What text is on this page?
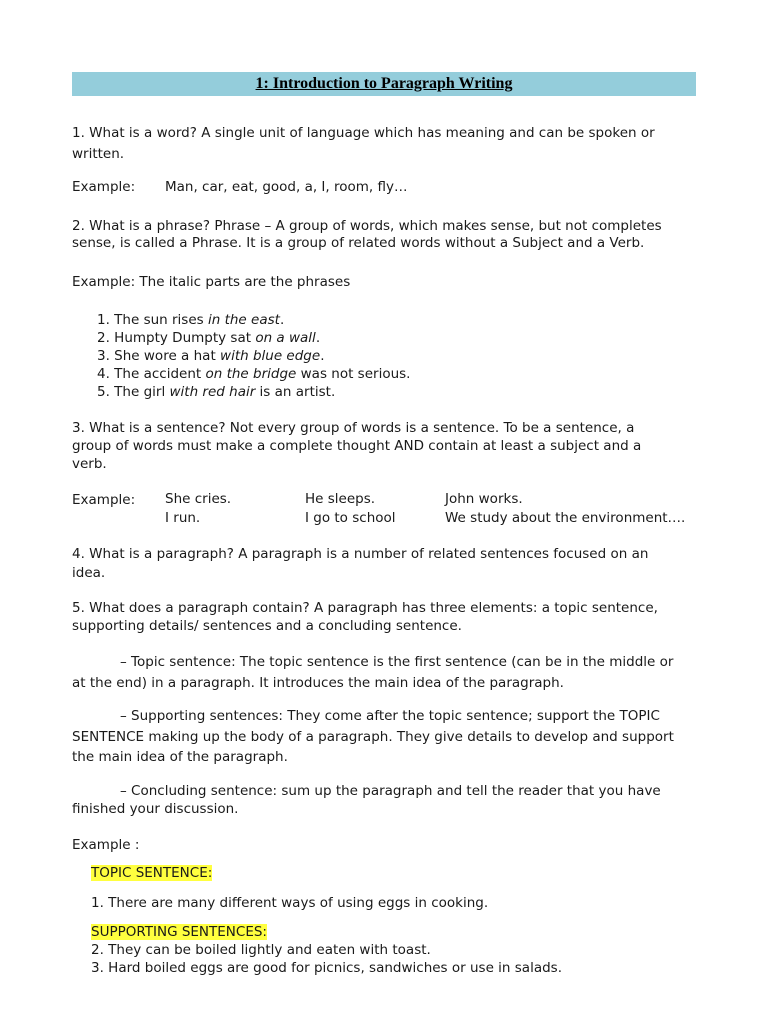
1: Introduction to Paragraph Writing
1. What is a word? A single unit of language which has meaning and can be spoken or
written.
Example: Man, car, eat, good, a, I, room, fly…
2. What is a phrase? Phrase – A group of words, which makes sense, but not completes
sense, is called a Phrase. It is a group of related words without a Subject and a Verb.
Example: The italic parts are the phrases
1. The sun rises in the east.
2. Humpty Dumpty sat on a wall.
3. She wore a hat with blue edge.
4. The accident on the bridge was not serious.
5. The girl with red hair is an artist.
3. What is a sentence? Not every group of words is a sentence. To be a sentence, a
group of words must make a complete thought AND contain at least a subject and a
verb.
Example: She cries.
I run.
He sleeps.
I go to school
John works.
We study about the environment….
4. What is a paragraph? A paragraph is a number of related sentences focused on an
idea.
5. What does a paragraph contain? A paragraph has three elements: a topic sentence,
supporting details/ sentences and a concluding sentence.
– Topic sentence: The topic sentence is the first sentence (can be in the middle or
at the end) in a paragraph. It introduces the main idea of the paragraph.
– Supporting sentences: They come after the topic sentence; support the TOPIC
SENTENCE making up the body of a paragraph. They give details to develop and support
the main idea of the paragraph.
– Concluding sentence: sum up the paragraph and tell the reader that you have
finished your discussion.
Example :
TOPIC SENTENCE:
1. There are many different ways of using eggs in cooking.
SUPPORTING SENTENCES:
2. They can be boiled lightly and eaten with toast.
3. Hard boiled eggs are good for picnics, sandwiches or use in salads.
